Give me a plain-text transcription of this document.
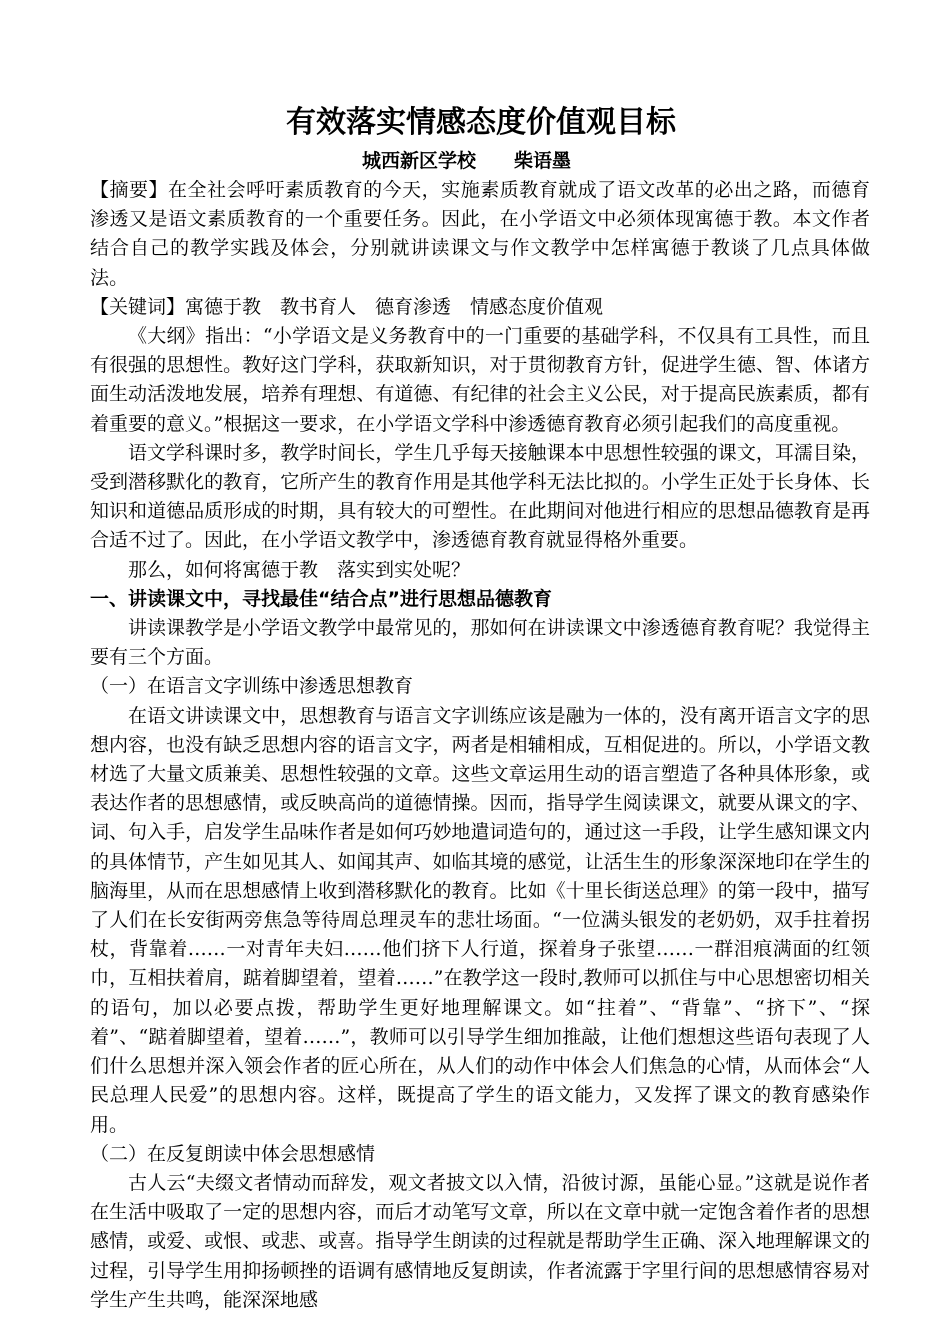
有效落实情感态度价值观目标
城西新区学校　　柴语墨

【摘要】在全社会呼吁素质教育的今天，实施素质教育就成了语文改革的必出之路，而德育渗透又是语文素质教育的一个重要任务。因此，在小学语文中必须体现寓德于教。本文作者结合自己的教学实践及体会，分别就讲读课文与作文教学中怎样寓德于教谈了几点具体做法。

【关键词】寓德于教　教书育人　德育渗透　情感态度价值观

《大纲》指出：“小学语文是义务教育中的一门重要的基础学科，不仅具有工具性，而且有很强的思想性。教好这门学科，获取新知识，对于贯彻教育方针，促进学生德、智、体诸方面生动活泼地发展，培养有理想、有道德、有纪律的社会主义公民，对于提高民族素质，都有着重要的意义。”根据这一要求，在小学语文学科中渗透德育教育必须引起我们的高度重视。

语文学科课时多，教学时间长，学生几乎每天接触课本中思想性较强的课文，耳濡目染，受到潜移默化的教育，它所产生的教育作用是其他学科无法比拟的。小学生正处于长身体、长知识和道德品质形成的时期，具有较大的可塑性。在此期间对他进行相应的思想品德教育是再合适不过了。因此，在小学语文教学中，渗透德育教育就显得格外重要。

那么，如何将寓德于教　落实到实处呢？

一、讲读课文中，寻找最佳“结合点”进行思想品德教育

讲读课教学是小学语文教学中最常见的，那如何在讲读课文中渗透德育教育呢？我觉得主要有三个方面。

（一）在语言文字训练中渗透思想教育

在语文讲读课文中，思想教育与语言文字训练应该是融为一体的，没有离开语言文字的思想内容，也没有缺乏思想内容的语言文字，两者是相辅相成，互相促进的。所以，小学语文教材选了大量文质兼美、思想性较强的文章。这些文章运用生动的语言塑造了各种具体形象，或表达作者的思想感情，或反映高尚的道德情操。因而，指导学生阅读课文，就要从课文的字、词、句入手，启发学生品味作者是如何巧妙地遣词造句的，通过这一手段，让学生感知课文内的具体情节，产生如见其人、如闻其声、如临其境的感觉，让活生生的形象深深地印在学生的脑海里，从而在思想感情上收到潜移默化的教育。比如《十里长街送总理》的第一段中，描写了人们在长安街两旁焦急等待周总理灵车的悲壮场面。“一位满头银发的老奶奶，双手拄着拐杖，背靠着……一对青年夫妇……他们挤下人行道，探着身子张望……一群泪痕满面的红领巾，互相扶着肩，踮着脚望着，望着……”在教学这一段时,教师可以抓住与中心思想密切相关的语句，加以必要点拨，帮助学生更好地理解课文。如“拄着”、“背靠”、“挤下”、“探着”、“踮着脚望着，望着……”，教师可以引导学生细加推敲，让他们想想这些语句表现了人们什么思想并深入领会作者的匠心所在，从人们的动作中体会人们焦急的心情，从而体会“人民总理人民爱”的思想内容。这样，既提高了学生的语文能力，又发挥了课文的教育感染作用。

（二）在反复朗读中体会思想感情

古人云“夫缀文者情动而辞发，观文者披文以入情，沿彼讨源，虽能心显。”这就是说作者在生活中吸取了一定的思想内容，而后才动笔写文章，所以在文章中就一定饱含着作者的思想感情，或爱、或恨、或悲、或喜。指导学生朗读的过程就是帮助学生正确、深入地理解课文的过程，引导学生用抑扬顿挫的语调有感情地反复朗读，作者流露于字里行间的思想感情容易对学生产生共鸣，能深深地感
